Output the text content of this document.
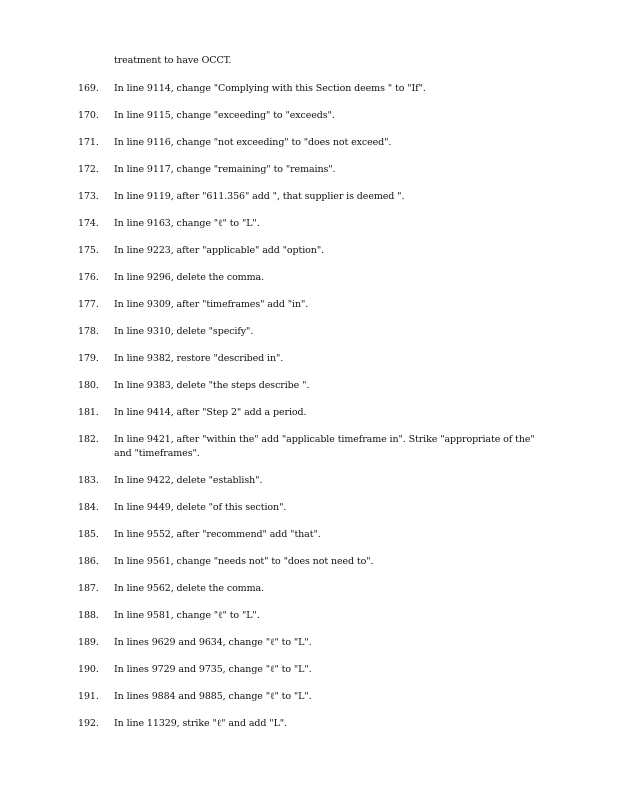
treatment to have OCCT.
169.	In line 9114, change "Complying with this Section deems " to "If".
170.	In line 9115, change "exceeding" to "exceeds".
171.	In line 9116, change "not exceeding" to "does not exceed".
172.	In line 9117, change "remaining" to "remains".
173.	In line 9119, after "611.356" add ", that supplier is deemed ".
174.	In line 9163, change "ℓ" to "L".
175.	In line 9223, after "applicable" add "option".
176.	In line 9296, delete the comma.
177.	In line 9309, after "timeframes" add "in".
178.	In line 9310, delete "specify".
179.	In line 9382, restore "described in".
180.	In line 9383, delete "the steps describe ".
181.	In line 9414, after "Step 2" add a period.
182.	In line 9421, after "within the" add "applicable timeframe in". Strike "appropriate of the" and "timeframes".
183.	In line 9422, delete "establish".
184.	In line 9449, delete "of this section".
185.	In line 9552, after "recommend" add "that".
186.	In line 9561, change "needs not" to "does not need to".
187.	In line 9562, delete the comma.
188.	In line 9581, change "ℓ" to "L".
189.	In lines 9629 and 9634, change "ℓ" to "L".
190.	In lines 9729 and 9735, change "ℓ" to "L".
191.	In lines 9884 and 9885, change "ℓ" to "L".
192.	In line 11329, strike "ℓ" and add "L".
